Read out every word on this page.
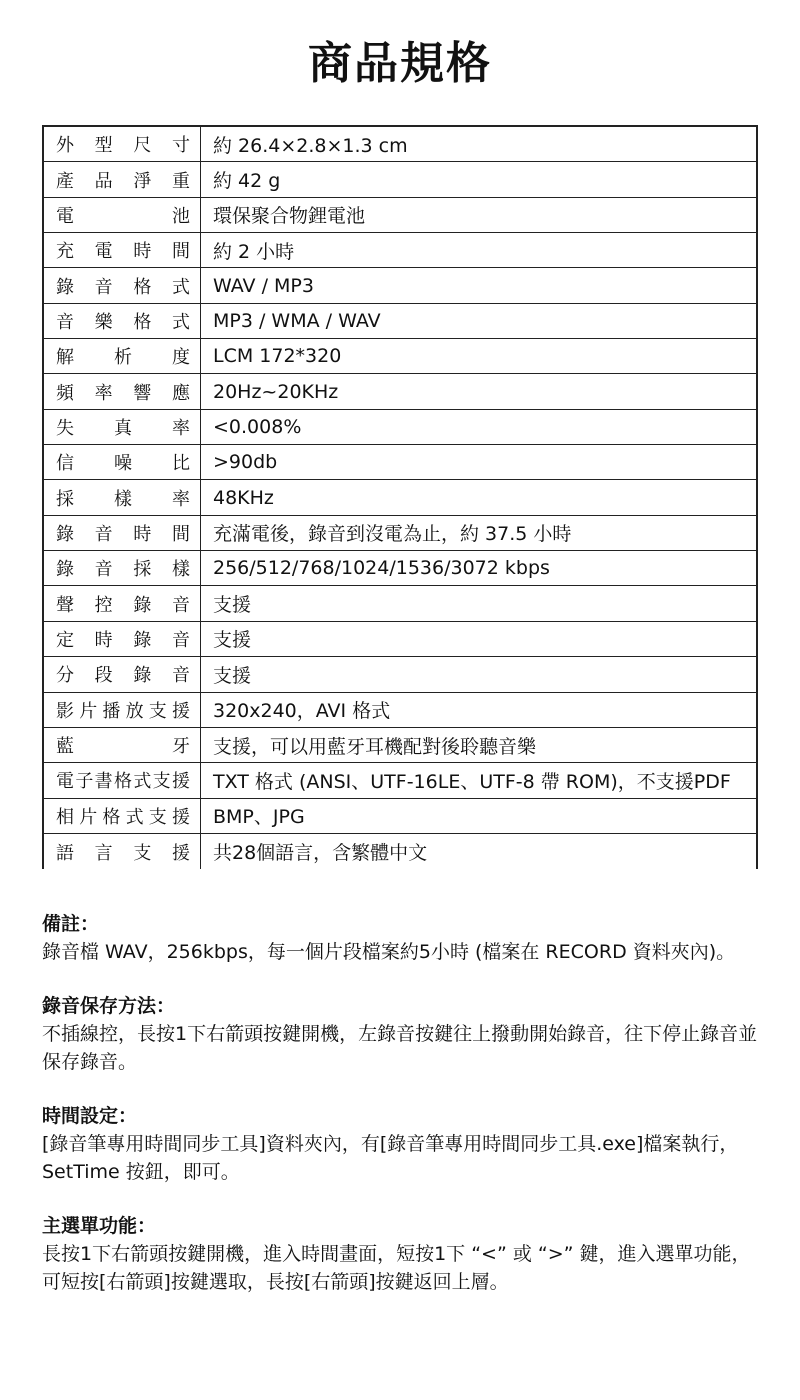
商品規格
外型尺寸	約 26.4×2.8×1.3 cm
產品淨重	約 42 g
電池	環保聚合物鋰電池
充電時間	約 2 小時
錄音格式	WAV / MP3
音樂格式	MP3 / WMA / WAV
解析度	LCM 172*320
頻率響應	20Hz~20KHz
失真率	<0.008%
信噪比	>90db
採樣率	48KHz
錄音時間	充滿電後，錄音到沒電為止，約 37.5 小時
錄音採樣	256/512/768/1024/1536/3072 kbps
聲控錄音	支援
定時錄音	支援
分段錄音	支援
影片播放支援	320x240，AVI 格式
藍牙	支援，可以用藍牙耳機配對後聆聽音樂
電子書格式支援	TXT 格式 (ANSI、UTF-16LE、UTF-8 帶 ROM)，不支援PDF
相片格式支援	BMP、JPG
語言支援	共28個語言，含繁體中文

備註：

錄音檔 WAV，256kbps，每一個片段檔案約5小時 (檔案在 RECORD 資料夾內)。

錄音保存方法：

不插線控，長按1下右箭頭按鍵開機，左錄音按鍵往上撥動開始錄音，往下停止錄音並保存錄音。

時間設定：

[錄音筆專用時間同步工具]資料夾內，有[錄音筆專用時間同步工具.exe]檔案執行，SetTime 按鈕，即可。

主選單功能：

長按1下右箭頭按鍵開機，進入時間畫面，短按1下 “<” 或 “>” 鍵，進入選單功能，可短按[右箭頭]按鍵選取，長按[右箭頭]按鍵返回上層。
